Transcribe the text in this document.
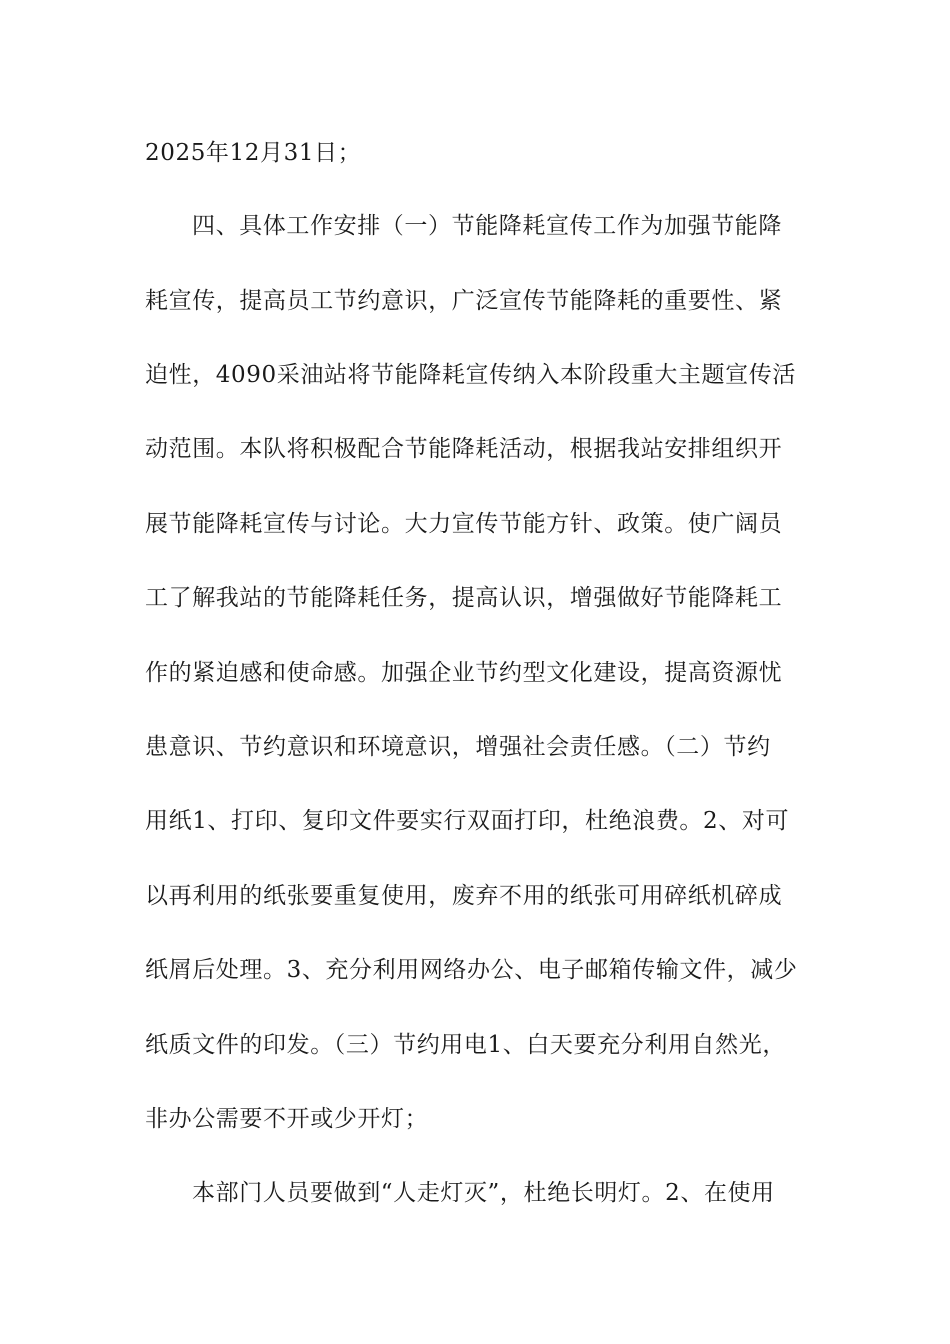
2025年12月31日；
四、具体工作安排（一）节能降耗宣传工作为加强节能降
耗宣传，提高员工节约意识，广泛宣传节能降耗的重要性、紧
迫性，4090采油站将节能降耗宣传纳入本阶段重大主题宣传活
动范围。本队将积极配合节能降耗活动，根据我站安排组织开
展节能降耗宣传与讨论。大力宣传节能方针、政策。使广阔员
工了解我站的节能降耗任务，提高认识，增强做好节能降耗工
作的紧迫感和使命感。加强企业节约型文化建设，提高资源忧
患意识、节约意识和环境意识，增强社会责任感。（二）节约
用纸1、打印、复印文件要实行双面打印，杜绝浪费。2、对可
以再利用的纸张要重复使用，废弃不用的纸张可用碎纸机碎成
纸屑后处理。3、充分利用网络办公、电子邮箱传输文件，减少
纸质文件的印发。（三）节约用电1、白天要充分利用自然光，
非办公需要不开或少开灯；
本部门人员要做到“人走灯灭”，杜绝长明灯。2、在使用
